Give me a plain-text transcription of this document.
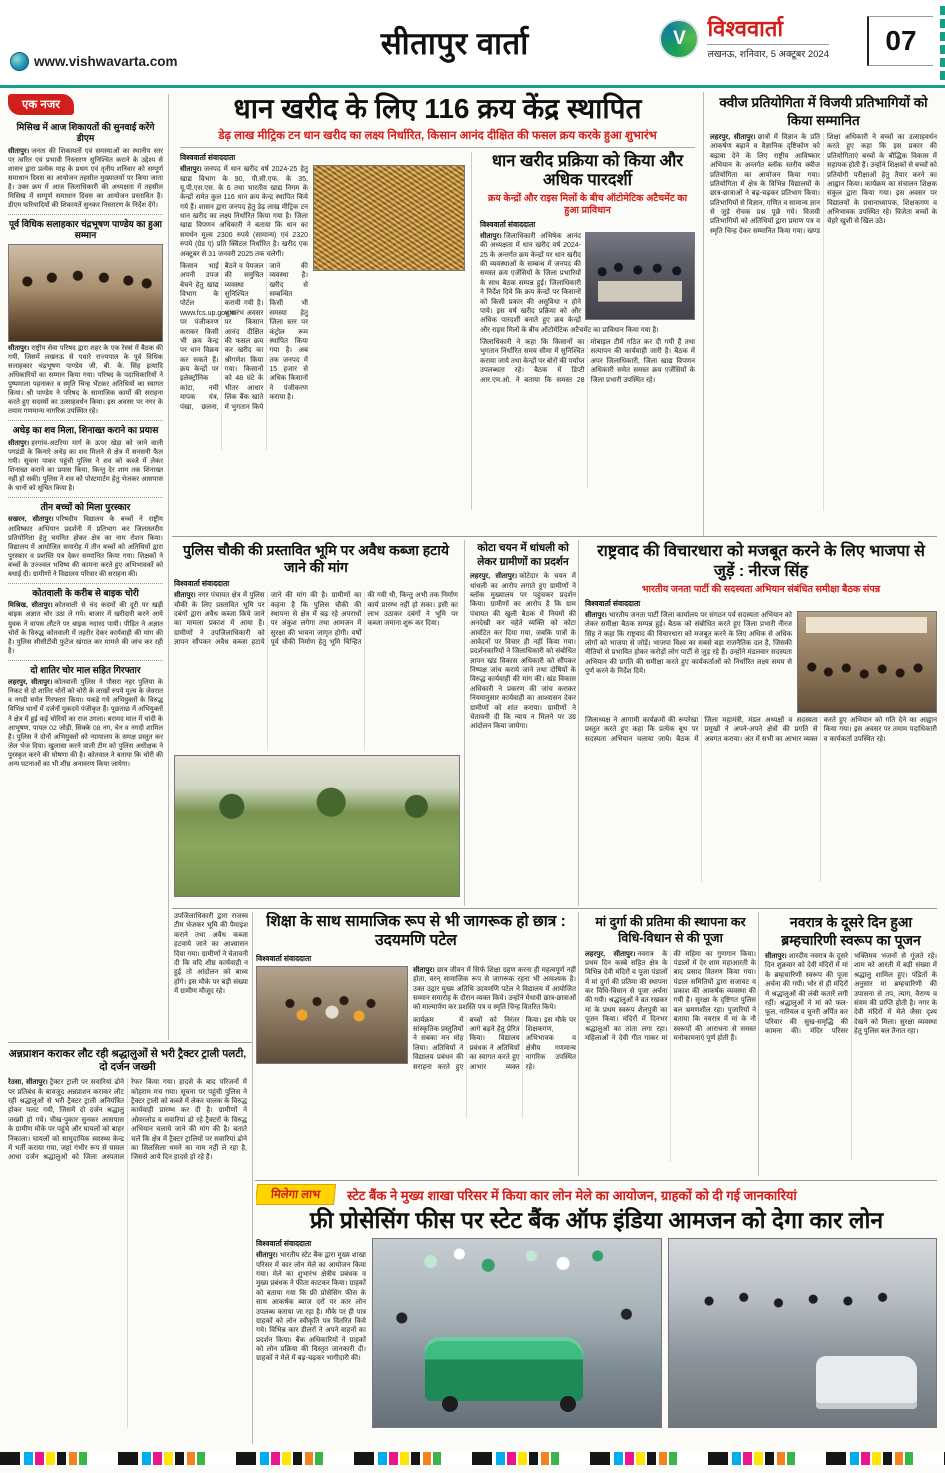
www.vishwavarta.com
सीतापुर वार्ता	V विश्ववार्ता
लखनऊ, शनिवार, 5 अक्टूबर 2024	07
एक नजर
मिसिख में आज शिकायतों की सुनवाई करेंगे डीएम
सीतापुर। जनता की शिकायतों एवं समस्याओं का स्थानीय स्तर पर त्वरित एवं प्रभावी निस्तारण सुनिश्चित कराने के उद्देश्य से शासन द्वारा प्रत्येक माह के प्रथम एवं तृतीय शनिवार को सम्पूर्ण समाधान दिवस का आयोजन तहसील मुख्यालयों पर किया जाता है। उक्त क्रम में आज जिलाधिकारी की अध्यक्षता में तहसील मिसिख में सम्पूर्ण समाधान दिवस का आयोजन प्रस्तावित है। डीएम फरियादियों की शिकायतें सुनकर निस्तारण के निर्देश देंगे।
पूर्व विधिक सलाहकार चंद्रभूषण पाण्डेय का हुआ सम्मान
सीतापुर। राष्ट्रीय सेवा परिषद द्वारा शहर के एक रेस्त्रां में बैठक की गयी, जिसमें लखनऊ से पधारे राज्यपाल के पूर्व विधिक सलाहकार चंद्रभूषण पाण्डेय जी, बी. के. सिंह इत्यादि अधिकारियों का सम्मान किया गया। परिषद के पदाधिकारियों ने पुष्पमाला पहनाकर व स्मृति चिन्ह भेंटकर अतिथियों का स्वागत किया। श्री पाण्डेय ने परिषद के सामाजिक कार्यों की सराहना करते हुए सदस्यों का उत्साहवर्धन किया। इस अवसर पर नगर के तमाम गणमान्य नागरिक उपस्थित रहे।
अधेड़ का शव मिला, शिनाख्त कराने का प्रयास
सीतापुर। हरगांव-अटरिया मार्ग के ऊपर खेड़ा को जाने वाली पगडंडी के किनारे अधेड़ का शव मिलने से क्षेत्र में सनसनी फैल गयी। सूचना पाकर पहुंची पुलिस ने शव को कब्जे में लेकर शिनाख्त कराने का प्रयास किया, किन्तु देर शाम तक शिनाख्त नहीं हो सकी। पुलिस ने शव को पोस्टमार्टम हेतु भेजकर आसपास के थानों को सूचित किया है।
तीन बच्चों को मिला पुरस्कार
सखरन, सीतापुर। परिषदीय विद्यालय के बच्चों ने राष्ट्रीय आविष्कार अभियान प्रदर्शनी में प्रतिभाग कर जिलास्तरीय प्रतियोगिता हेतु चयनित होकर क्षेत्र का नाम रोशन किया। विद्यालय में आयोजित समारोह में तीन बच्चों को अतिथियों द्वारा पुरस्कार व प्रशस्ति पत्र देकर सम्मानित किया गया। शिक्षकों ने बच्चों के उज्ज्वल भविष्य की कामना करते हुए अभिभावकों को बधाई दी। ग्रामीणों ने विद्यालय परिवार की सराहना की।
कोतवाली के करीब से बाइक चोरी
मिश्रिख, सीतापुर। कोतवाली से चंद कदमों की दूरी पर खड़ी बाइक अज्ञात चोर उठा ले गये। बाजार में खरीदारी करने आये युवक ने वापस लौटने पर बाइक नदारद पायी। पीड़ित ने अज्ञात चोरों के विरुद्ध कोतवाली में तहरीर देकर कार्यवाही की मांग की है। पुलिस सीसीटीवी फुटेज खंगाल कर मामले की जांच कर रही है।
दो शातिर चोर माल सहित गिरफ्तार
लहरपुर, सीतापुर। कोतवाली पुलिस ने पौसरा नहर पुलिया के निकट से दो शातिर चोरों को चोरी के लाखों रुपये मूल्य के जेवरात व नगदी समेत गिरफ्तार किया। पकड़े गये अभियुक्तों के विरुद्ध विभिन्न थानों में दर्जनों मुकदमे पंजीकृत हैं। पूछताछ में अभियुक्तों ने क्षेत्र में हुई कई चोरियों का राज उगला। बरामद माल में चांदी के आभूषण, पायल 02 जोड़ी, सिक्के 08 नग, चेन व नगदी शामिल है। पुलिस ने दोनों अभियुक्तों को न्यायालय के समक्ष प्रस्तुत कर जेल भेज दिया। खुलासा करने वाली टीम को पुलिस अधीक्षक ने पुरस्कृत करने की घोषणा की है। कोतवाल ने बताया कि चोरी की अन्य घटनाओं का भी शीघ्र अनावरण किया जायेगा।
अन्नप्राशन कराकर लौट रही श्रद्धालुओं से भरी ट्रैक्टर ट्राली पलटी, दो दर्जन जख्मी
रेउसा, सीतापुर। ट्रैक्टर ट्राली पर सवारियां ढोने पर प्रतिबंध के बावजूद अन्नप्राशन कराकर लौट रही श्रद्धालुओं से भरी ट्रैक्टर ट्राली अनियंत्रित होकर पलट गयी, जिसमें दो दर्जन श्रद्धालु जख्मी हो गये। चीख-पुकार सुनकर आसपास के ग्रामीण मौके पर पहुंचे और घायलों को बाहर निकाला। घायलों को सामुदायिक स्वास्थ्य केन्द्र में भर्ती कराया गया, जहां गंभीर रूप से घायल आधा दर्जन श्रद्धालुओं को जिला अस्पताल रेफर किया गया। हादसे के बाद परिजनों में कोहराम मच गया। सूचना पर पहुंची पुलिस ने ट्रैक्टर ट्राली को कब्जे में लेकर चालक के विरुद्ध कार्यवाही प्रारम्भ कर दी है। ग्रामीणों ने ओवरलोड व सवारियां ढो रहे ट्रैक्टरों के विरुद्ध अभियान चलाये जाने की मांग की है। बताते चलें कि क्षेत्र में ट्रैक्टर ट्रालियों पर सवारियां ढोने का सिलसिला थमने का नाम नहीं ले रहा है, जिससे आये दिन हादसे हो रहे हैं।
धान खरीद के लिए 116 क्रय केंद्र स्थापित
डेढ़ लाख मीट्रिक टन धान खरीद का लक्ष्य निर्धारित, किसान आनंद दीक्षित की फसल क्रय करके हुआ शुभारंभ
विश्ववार्ता संवाददाता
सीतापुर। जनपद में धान खरीद वर्ष 2024-25 हेतु खाद्य विभाग के 90, पी.सी.एफ. के 35, यू.पी.एस.एस. के 6 तथा भारतीय खाद्य निगम के केन्द्रों समेत कुल 116 धान क्रय केन्द्र स्थापित किये गये हैं। शासन द्वारा जनपद हेतु डेढ़ लाख मीट्रिक टन धान खरीद का लक्ष्य निर्धारित किया गया है। जिला खाद्य विपणन अधिकारी ने बताया कि धान का समर्थन मूल्य 2300 रुपये (सामान्य) एवं 2320 रुपये (ग्रेड ए) प्रति क्विंटल निर्धारित है। खरीद एक अक्टूबर से 31 जनवरी 2025 तक चलेगी।
किसान भाई अपनी उपज बेचने हेतु खाद्य विभाग के पोर्टल www.fcs.up.gov.in पर पंजीकरण कराकर किसी भी क्रय केन्द्र पर धान विक्रय कर सकते हैं। क्रय केन्द्रों पर इलेक्ट्रॉनिक कांटा, नमी मापक यंत्र, पंखा, छलना, बैठने व पेयजल की समुचित व्यवस्था सुनिश्चित करायी गयी है। शुभारंभ अवसर पर किसान आनंद दीक्षित की फसल क्रय कर खरीद का श्रीगणेश किया गया। किसानों को 48 घंटे के भीतर आधार लिंक बैंक खाते में भुगतान किये जाने की व्यवस्था है। खरीद से सम्बन्धित किसी भी समस्या हेतु जिला स्तर पर कंट्रोल रूम स्थापित किया गया है। अब तक जनपद में 15 हजार से अधिक किसानों ने पंजीकरण कराया है।
धान खरीद प्रक्रिया को किया और अधिक पारदर्शी
क्रय केन्द्रों और राइस मिलों के बीच ऑटोमेटिक अटैचमेंट का हुआ प्राविधान
विश्ववार्ता संवाददाता
सीतापुर। जिलाधिकारी अभिषेक आनंद की अध्यक्षता में धान खरीद वर्ष 2024-25 के अन्तर्गत क्रय केन्द्रों पर धान खरीद की व्यवस्थाओं के सम्बन्ध में जनपद की समस्त क्रय एजेंसियों के जिला प्रभारियों के साथ बैठक सम्पन्न हुई। जिलाधिकारी ने निर्देश दिये कि क्रय केन्द्रों पर किसानों को किसी प्रकार की असुविधा न होने पाये। इस वर्ष खरीद प्रक्रिया को और अधिक पारदर्शी बनाते हुए क्रय केन्द्रों और राइस मिलों के बीच ऑटोमेटिक अटैचमेंट का प्राविधान किया गया है।
जिलाधिकारी ने कहा कि किसानों का भुगतान निर्धारित समय सीमा में सुनिश्चित कराया जाये तथा केन्द्रों पर बोरों की पर्याप्त उपलब्धता रहे। बैठक में डिप्टी आर.एम.ओ. ने बताया कि समस्त 28 मोबाइल टीमें गठित कर दी गयी हैं तथा सत्यापन की कार्यवाही जारी है। बैठक में अपर जिलाधिकारी, जिला खाद्य विपणन अधिकारी समेत समस्त क्रय एजेंसियों के जिला प्रभारी उपस्थित रहे।
क्वीज प्रतियोगिता में विजयी प्रतिभागियों को किया सम्मानित
लहरपुर, सीतापुर। छात्रों में विज्ञान के प्रति आकर्षण बढ़ाने व वैज्ञानिक दृष्टिकोण को बढ़ावा देने के लिए राष्ट्रीय आविष्कार अभियान के अन्तर्गत ब्लॉक स्तरीय क्वीज प्रतियोगिता का आयोजन किया गया। प्रतियोगिता में क्षेत्र के विभिन्न विद्यालयों के छात्र-छात्राओं ने बढ़-चढ़कर प्रतिभाग किया। प्रतिभागियों से विज्ञान, गणित व सामान्य ज्ञान से जुड़े रोचक प्रश्न पूछे गये। विजयी प्रतिभागियों को अतिथियों द्वारा प्रमाण पत्र व स्मृति चिन्ह देकर सम्मानित किया गया। खण्ड शिक्षा अधिकारी ने बच्चों का उत्साहवर्धन करते हुए कहा कि इस प्रकार की प्रतियोगिताएं बच्चों के बौद्धिक विकास में सहायक होती हैं। उन्होंने शिक्षकों से बच्चों को प्रतियोगी परीक्षाओं हेतु तैयार करने का आह्वान किया। कार्यक्रम का संचालन शिक्षक संकुल द्वारा किया गया। इस अवसर पर विद्यालयों के प्रधानाध्यापक, शिक्षकगण व अभिभावक उपस्थित रहे। विजेता बच्चों के चेहरे खुशी से खिल उठे।
पुलिस चौकी की प्रस्तावित भूमि पर अवैध कब्जा हटाये जाने की मांग
विश्ववार्ता संवाददाता
सीतापुर। नगर पंचायत क्षेत्र में पुलिस चौकी के लिए प्रस्तावित भूमि पर दबंगों द्वारा अवैध कब्जा किये जाने का मामला प्रकाश में आया है। ग्रामीणों ने उपजिलाधिकारी को ज्ञापन सौंपकर अवैध कब्जा हटाये जाने की मांग की है। ग्रामीणों का कहना है कि पुलिस चौकी की स्थापना से क्षेत्र में बढ़ रहे अपराधों पर अंकुश लगेगा तथा आमजन में सुरक्षा की भावना जागृत होगी। वर्षों पूर्व चौकी निर्माण हेतु भूमि चिन्हित की गयी थी, किन्तु अभी तक निर्माण कार्य प्रारम्भ नहीं हो सका। इसी का लाभ उठाकर दबंगों ने भूमि पर कब्जा जमाना शुरू कर दिया।
कोटा चयन में धांधली को लेकर ग्रामीणों का प्रदर्शन
लहरपुर, सीतापुर। कोटेदार के चयन में धांधली का आरोप लगाते हुए ग्रामीणों ने ब्लॉक मुख्यालय पर पहुंचकर प्रदर्शन किया। ग्रामीणों का आरोप है कि ग्राम पंचायत की खुली बैठक में नियमों की अनदेखी कर चहेते व्यक्ति को कोटा आवंटित कर दिया गया, जबकि पात्रों के आवेदनों पर विचार ही नहीं किया गया। प्रदर्शनकारियों ने जिलाधिकारी को संबोधित ज्ञापन खंड विकास अधिकारी को सौंपकर निष्पक्ष जांच कराये जाने तथा दोषियों के विरुद्ध कार्यवाही की मांग की। खंड विकास अधिकारी ने प्रकरण की जांच कराकर नियमानुसार कार्यवाही का आश्वासन देकर ग्रामीणों को शांत कराया। ग्रामीणों ने चेतावनी दी कि न्याय न मिलने पर उग्र आंदोलन किया जायेगा।
राष्ट्रवाद की विचारधारा को मजबूत करने के लिए भाजपा से जुड़ें : नीरज सिंह
भारतीय जनता पार्टी की सदस्यता अभियान संबंधित समीक्षा बैठक संपन्न
विश्ववार्ता संवाददाता
सीतापुर। भारतीय जनता पार्टी जिला कार्यालय पर संगठन पर्व सदस्यता अभियान को लेकर समीक्षा बैठक सम्पन्न हुई। बैठक को संबोधित करते हुए जिला प्रभारी नीरज सिंह ने कहा कि राष्ट्रवाद की विचारधारा को मजबूत करने के लिए अधिक से अधिक लोगों को भाजपा से जोड़ें। भाजपा विश्व का सबसे बड़ा राजनैतिक दल है, जिसकी नीतियों से प्रभावित होकर करोड़ों लोग पार्टी से जुड़ रहे हैं। उन्होंने मंडलवार सदस्यता अभियान की प्रगति की समीक्षा करते हुए कार्यकर्ताओं को निर्धारित लक्ष्य समय से पूर्ण करने के निर्देश दिये।
जिलाध्यक्ष ने आगामी कार्यक्रमों की रूपरेखा प्रस्तुत करते हुए कहा कि प्रत्येक बूथ पर सदस्यता अभियान चलाया जाये। बैठक में जिला महामंत्री, मंडल अध्यक्षों व सदस्यता प्रमुखों ने अपने-अपने क्षेत्रों की प्रगति से अवगत कराया। अंत में सभी का आभार व्यक्त करते हुए अभियान को गति देने का आह्वान किया गया। इस अवसर पर तमाम पदाधिकारी व कार्यकर्ता उपस्थित रहे।
उपजिलाधिकारी द्वारा राजस्व टीम भेजकर भूमि की पैमाइश कराने तथा अवैध कब्जा हटवाये जाने का आश्वासन दिया गया। ग्रामीणों ने चेतावनी दी कि यदि शीघ्र कार्यवाही न हुई तो आंदोलन को बाध्य होंगे। इस मौके पर बड़ी संख्या में ग्रामीण मौजूद रहे।
शिक्षा के साथ सामाजिक रूप से भी जागरूक हो छात्र : उदयमणि पटेल
विश्ववार्ता संवाददाता
सीतापुर। छात्र जीवन में सिर्फ शिक्षा ग्रहण करना ही महत्वपूर्ण नहीं होता, वरन् सामाजिक रूप से जागरूक रहना भी आवश्यक है। उक्त उद्गार मुख्य अतिथि उदयमणि पटेल ने विद्यालय में आयोजित सम्मान समारोह के दौरान व्यक्त किये। उन्होंने मेधावी छात्र-छात्राओं को माल्यार्पण कर प्रशस्ति पत्र व स्मृति चिन्ह वितरित किये।
कार्यक्रम में सांस्कृतिक प्रस्तुतियों ने सबका मन मोह लिया। अतिथियों ने विद्यालय प्रबंधन की सराहना करते हुए बच्चों को निरंतर आगे बढ़ने हेतु प्रेरित किया। विद्यालय प्रबंधक ने अतिथियों का स्वागत करते हुए आभार व्यक्त किया। इस मौके पर शिक्षकगण, अभिभावक व क्षेत्रीय गणमान्य नागरिक उपस्थित रहे।
मां दुर्गा की प्रतिमा की स्थापना कर विधि-विधान से की पूजा
लहरपुर, सीतापुर। नवरात्र के प्रथम दिन कस्बे सहित क्षेत्र के विभिन्न देवी मंदिरों व पूजा पंडालों में मां दुर्गा की प्रतिमा की स्थापना कर विधि-विधान से पूजा अर्चना की गयी। श्रद्धालुओं ने व्रत रखकर मां के प्रथम स्वरूप शैलपुत्री का पूजन किया। मंदिरों में दिनभर श्रद्धालुओं का तांता लगा रहा। महिलाओं ने देवी गीत गाकर मां की महिमा का गुणगान किया। पंडालों में देर शाम महाआरती के बाद प्रसाद वितरण किया गया। पंडाल समितियों द्वारा सजावट व प्रकाश की आकर्षक व्यवस्था की गयी है। सुरक्षा के दृष्टिगत पुलिस बल भ्रमणशील रहा। पुजारियों ने बताया कि नवरात्र में मां के नौ स्वरूपों की आराधना से समस्त मनोकामनाएं पूर्ण होती हैं।
नवरात्र के दूसरे दिन हुआ ब्रम्हचारिणी स्वरूप का पूजन
सीतापुर। शारदीय नवरात्र के दूसरे दिन शुक्रवार को देवी मंदिरों में मां के ब्रम्हचारिणी स्वरूप की पूजा अर्चना की गयी। भोर से ही मंदिरों में श्रद्धालुओं की लंबी कतारें लगी रहीं। श्रद्धालुओं ने मां को फल-फूल, नारियल व चुनरी अर्पित कर परिवार की सुख-समृद्धि की कामना की। मंदिर परिसर भक्तिमय भजनों से गूंजते रहे। शाम को आरती में बड़ी संख्या में श्रद्धालु शामिल हुए। पंडितों के अनुसार मां ब्रम्हचारिणी की उपासना से तप, त्याग, वैराग्य व संयम की प्राप्ति होती है। नगर के देवी मंदिरों में मेले जैसा दृश्य देखने को मिला। सुरक्षा व्यवस्था हेतु पुलिस बल तैनात रहा।
मिलेगा लाभ	स्टेट बैंक ने मुख्य शाखा परिसर में किया कार लोन मेले का आयोजन, ग्राहकों को दी गई जानकारियां
फ्री प्रोसेसिंग फीस पर स्टेट बैंक ऑफ इंडिया आमजन को देगा कार लोन
विश्ववार्ता संवाददाता
सीतापुर। भारतीय स्टेट बैंक द्वारा मुख्य शाखा परिसर में कार लोन मेले का आयोजन किया गया। मेले का शुभारंभ क्षेत्रीय प्रबंधक व मुख्य प्रबंधक ने फीता काटकर किया। ग्राहकों को बताया गया कि फ्री प्रोसेसिंग फीस के साथ आकर्षक ब्याज दरों पर कार लोन उपलब्ध कराया जा रहा है। मौके पर ही पात्र ग्राहकों को लोन स्वीकृति पत्र वितरित किये गये। विभिन्न कार डीलरों ने अपने वाहनों का प्रदर्शन किया। बैंक अधिकारियों ने ग्राहकों को लोन प्रक्रिया की विस्तृत जानकारी दी। ग्राहकों ने मेले में बढ़-चढ़कर भागीदारी की।
